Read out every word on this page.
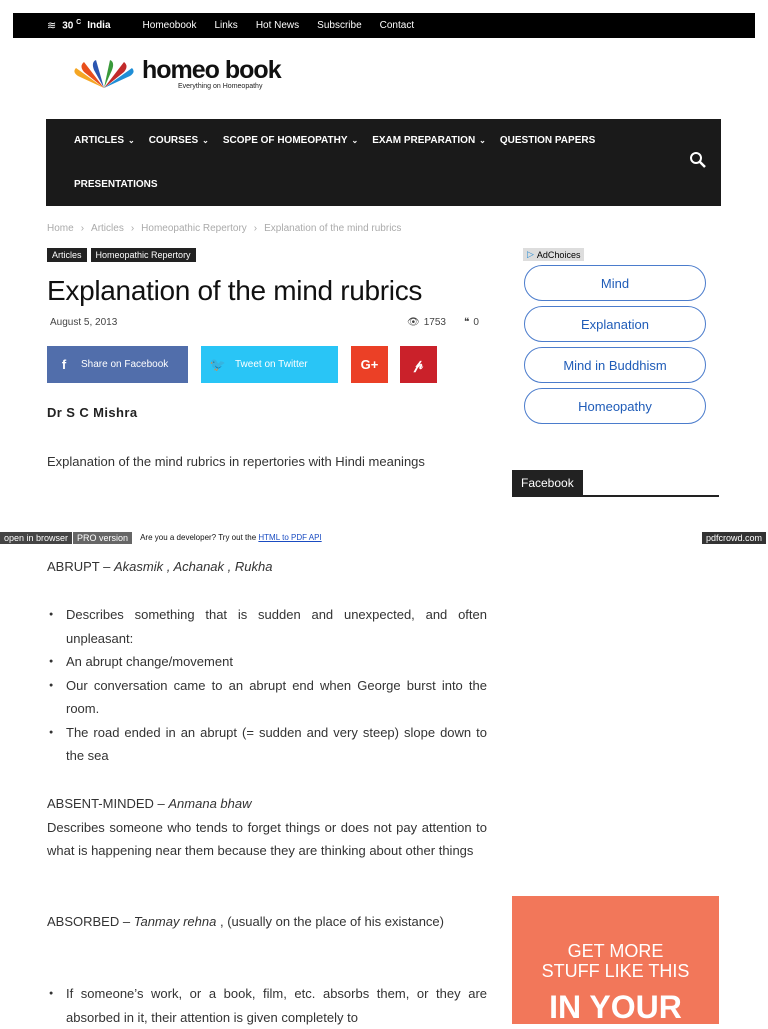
≋ 30 $^C$ India	Homeobook Links Hot News Subscribe Contact
homeo book
Everything on Homeopathy
ARTICLES ⌄ COURSES ⌄ SCOPE OF HOMEOPATHY ⌄ EXAM PREPARATION ⌄ QUESTION PAPERS
PRESENTATIONS
Home › Articles › Homeopathic Repertory › Explanation of the mind rubrics
Articles	Homeopathic Repertory
Explanation of the mind rubrics
August 5, 2013	👁 1753 ❝ 0
f	Share on Facebook	🐦 Tweet on Twitter	G+	𝓅
Dr S C Mishra

Explanation of the mind rubrics in repertories with Hindi meanings

open in browser	PRO version	Are you a developer? Try out the HTML to PDF API	pdfcrowd.com

ABRUPT – Akasmik , Achanak , Rukha

● Describes something that is sudden and unexpected, and often unpleasant:
● An abrupt change/movement
● Our conversation came to an abrupt end when George burst into the room.
● The road ended in an abrupt (= sudden and very steep) slope down to the sea

ABSENT-MINDED – Anmana bhaw

Describes someone who tends to forget things or does not pay attention to what is happening near them because they are thinking about other things

ABSORBED – Tanmay rehna , (usually on the place of his existance)

● If someone’s work, or a book, film, etc. absorbs them, or they are absorbed in it, their attention is given completely to
▷ AdChoices
Mind
Explanation
Mind in Buddhism
Homeopathy
Facebook
GET MORE
STUFF LIKE THIS
IN YOUR
